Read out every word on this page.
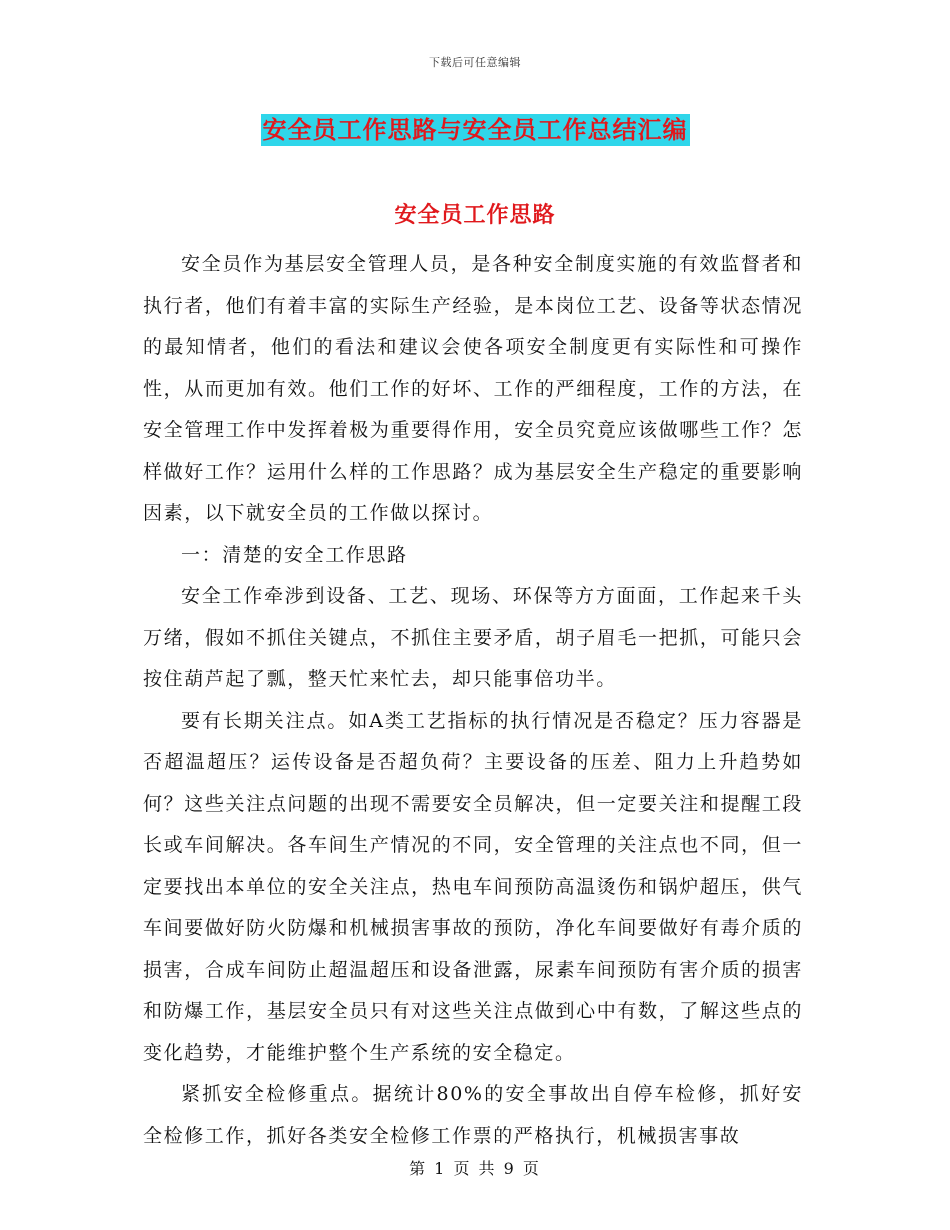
下载后可任意编辑
安全员工作思路与安全员工作总结汇编
安全员工作思路

安全员作为基层安全管理人员，是各种安全制度实施的有效监督者和执行者，他们有着丰富的实际生产经验，是本岗位工艺、设备等状态情况的最知情者，他们的看法和建议会使各项安全制度更有实际性和可操作性，从而更加有效。他们工作的好坏、工作的严细程度，工作的方法，在安全管理工作中发挥着极为重要得作用，安全员究竟应该做哪些工作？怎样做好工作？运用什么样的工作思路？成为基层安全生产稳定的重要影响因素，以下就安全员的工作做以探讨。

一：清楚的安全工作思路

安全工作牵涉到设备、工艺、现场、环保等方方面面，工作起来千头万绪，假如不抓住关键点，不抓住主要矛盾，胡子眉毛一把抓，可能只会按住葫芦起了瓢，整天忙来忙去，却只能事倍功半。

要有长期关注点。如A类工艺指标的执行情况是否稳定？压力容器是否超温超压？运传设备是否超负荷？主要设备的压差、阻力上升趋势如何？这些关注点问题的出现不需要安全员解决，但一定要关注和提醒工段长或车间解决。各车间生产情况的不同，安全管理的关注点也不同，但一定要找出本单位的安全关注点，热电车间预防高温烫伤和锅炉超压，供气车间要做好防火防爆和机械损害事故的预防，净化车间要做好有毒介质的损害，合成车间防止超温超压和设备泄露，尿素车间预防有害介质的损害和防爆工作，基层安全员只有对这些关注点做到心中有数，了解这些点的变化趋势，才能维护整个生产系统的安全稳定。

紧抓安全检修重点。据统计80%的安全事故出自停车检修，抓好安全检修工作，抓好各类安全检修工作票的严格执行，机械损害事故

第 1 页 共 9 页
